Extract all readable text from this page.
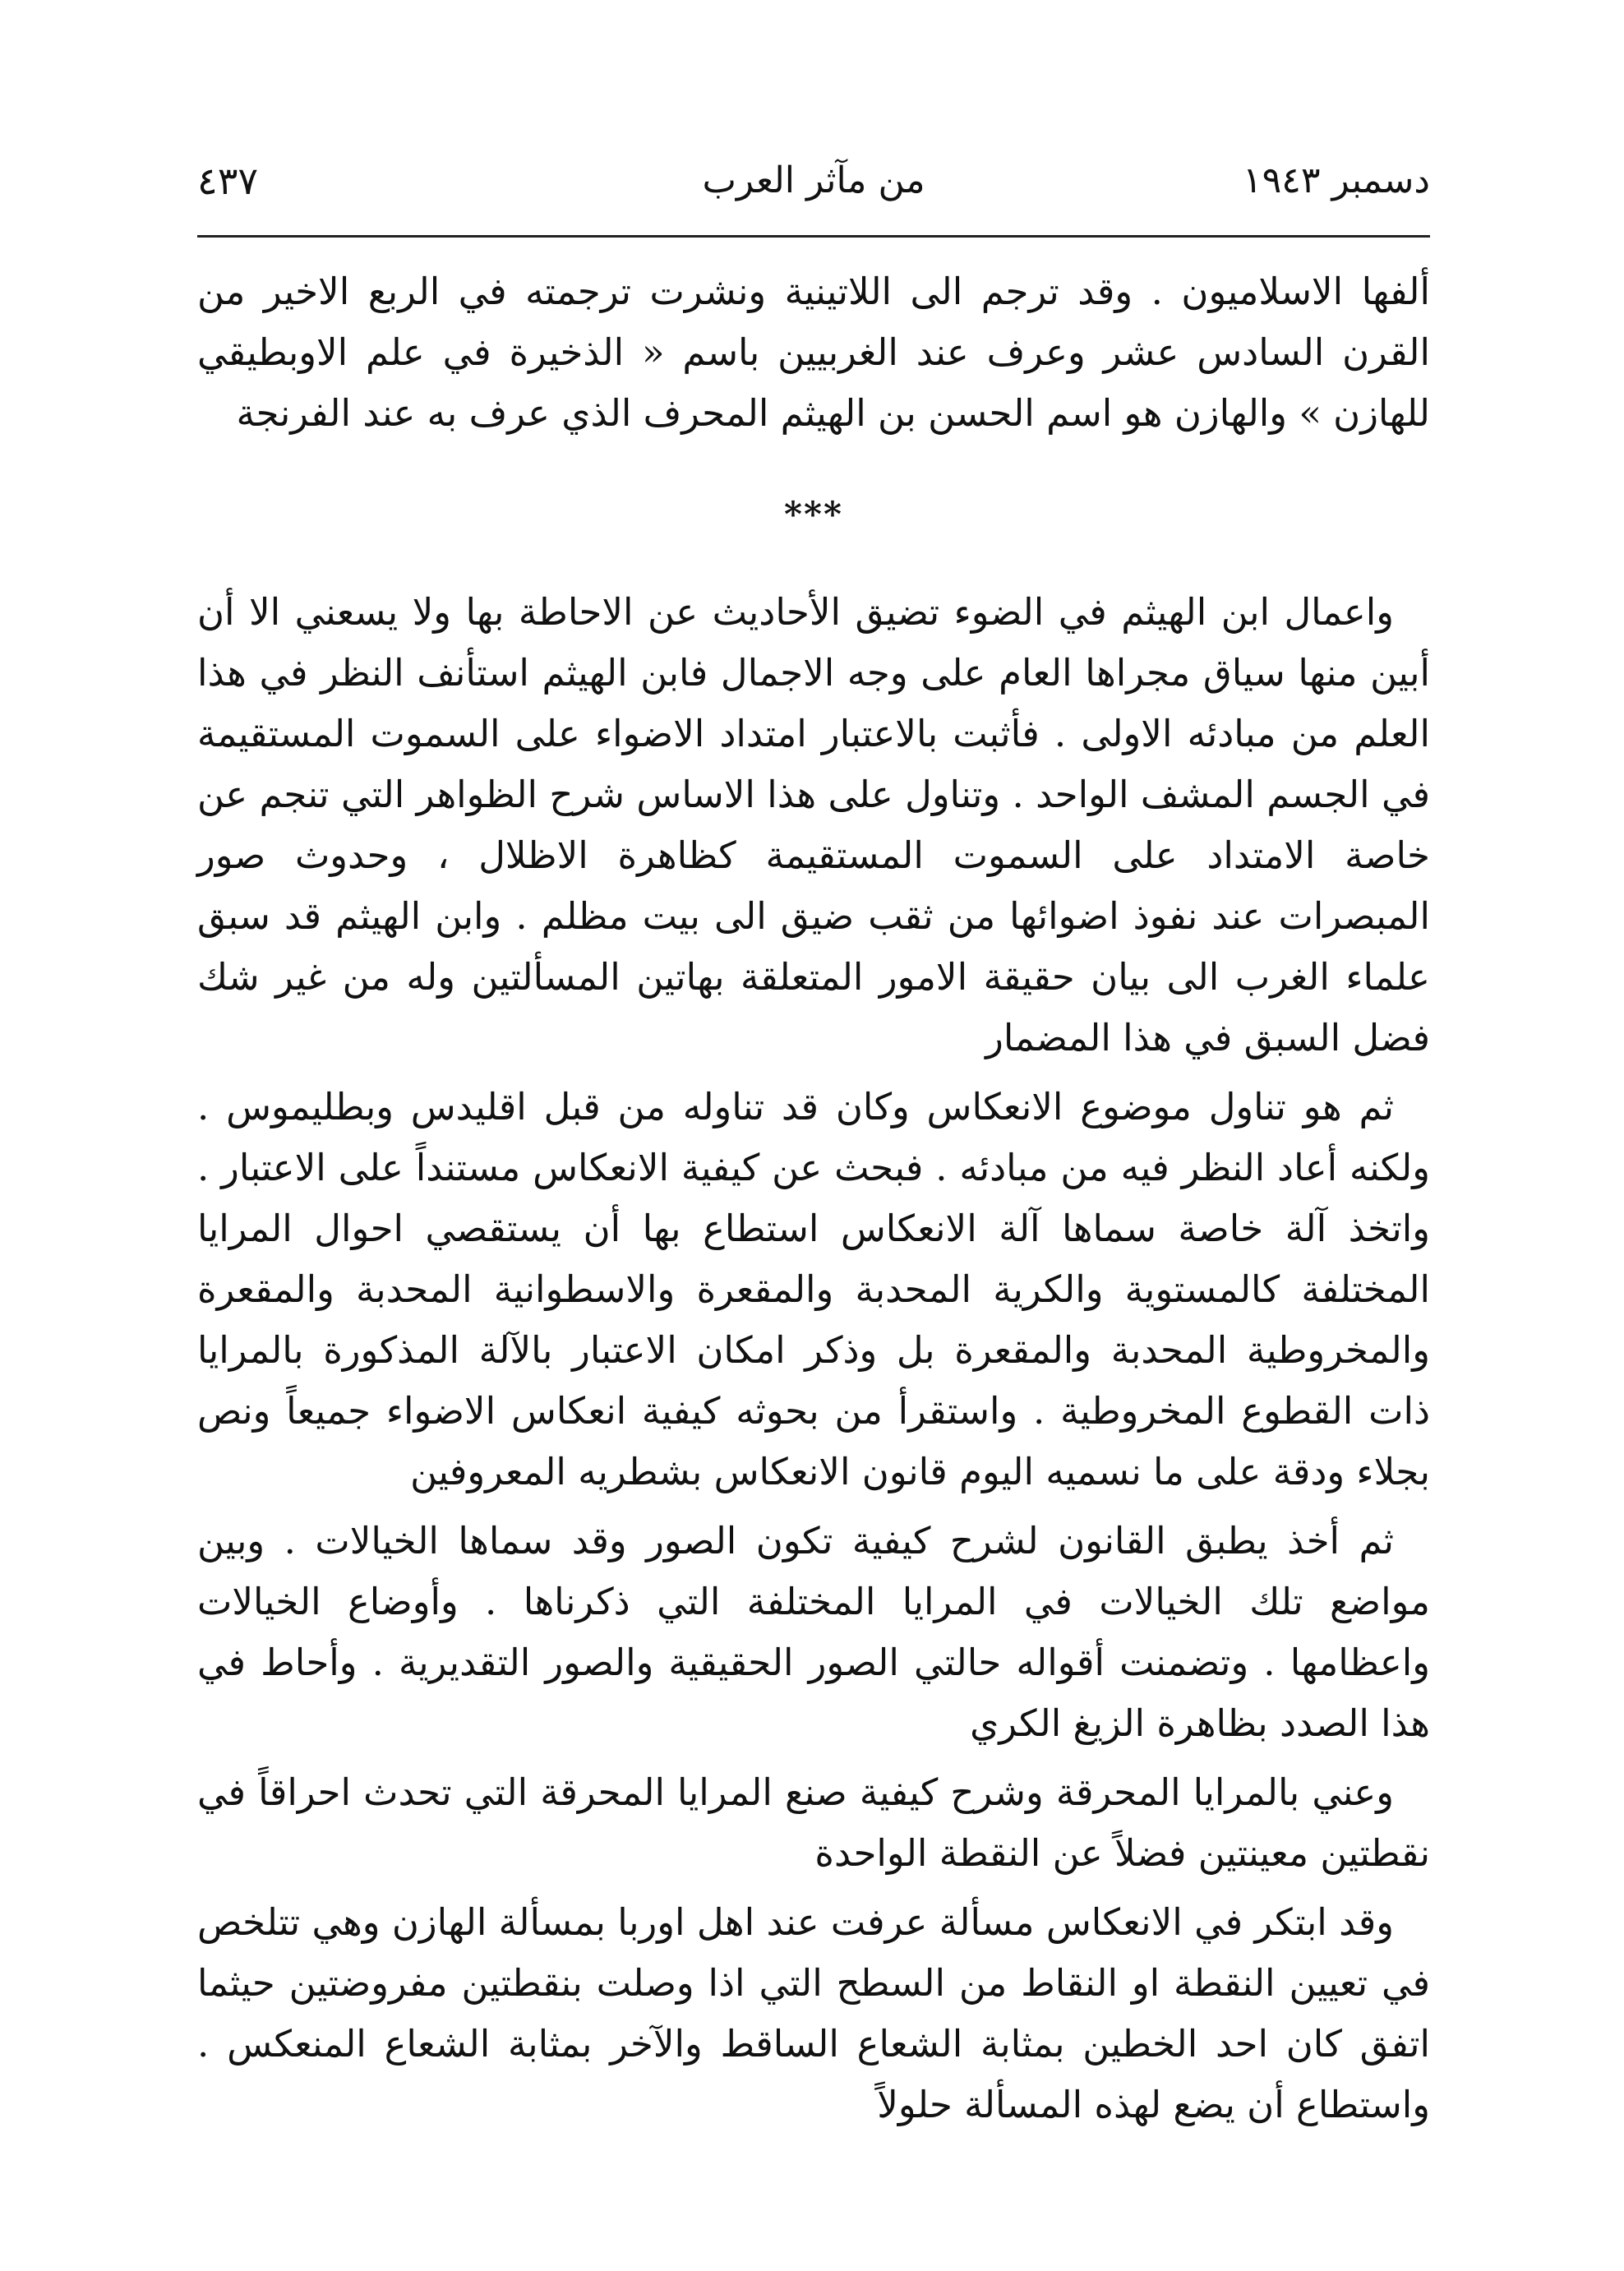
دسمبر ١٩٤٣
من مآثر العرب
٤٣٧

ألفها الاسلاميون . وقد ترجم الى اللاتينية ونشرت ترجمته في الربع الاخير من القرن السادس عشر وعرف عند الغربيين باسم « الذخيرة في علم الاوبطيقي للهازن » والهازن هو اسم الحسن بن الهيثم المحرف الذي عرف به عند الفرنجة

***

واعمال ابن الهيثم في الضوء تضيق الأحاديث عن الاحاطة بها ولا يسعني الا أن أبين منها سياق مجراها العام على وجه الاجمال فابن الهيثم استأنف النظر في هذا العلم من مبادئه الاولى . فأثبت بالاعتبار امتداد الاضواء على السموت المستقيمة في الجسم المشف الواحد . وتناول على هذا الاساس شرح الظواهر التي تنجم عن خاصة الامتداد على السموت المستقيمة كظاهرة الاظلال ، وحدوث صور المبصرات عند نفوذ اضوائها من ثقب ضيق الى بيت مظلم . وابن الهيثم قد سبق علماء الغرب الى بيان حقيقة الامور المتعلقة بهاتين المسألتين وله من غير شك فضل السبق في هذا المضمار

ثم هو تناول موضوع الانعكاس وكان قد تناوله من قبل اقليدس وبطليموس . ولكنه أعاد النظر فيه من مبادئه . فبحث عن كيفية الانعكاس مستنداً على الاعتبار . واتخذ آلة خاصة سماها آلة الانعكاس استطاع بها أن يستقصي احوال المرايا المختلفة كالمستوية والكرية المحدبة والمقعرة والاسطوانية المحدبة والمقعرة والمخروطية المحدبة والمقعرة بل وذكر امكان الاعتبار بالآلة المذكورة بالمرايا ذات القطوع المخروطية . واستقرأ من بحوثه كيفية انعكاس الاضواء جميعاً ونص بجلاء ودقة على ما نسميه اليوم قانون الانعكاس بشطريه المعروفين

ثم أخذ يطبق القانون لشرح كيفية تكون الصور وقد سماها الخيالات . وبين مواضع تلك الخيالات في المرايا المختلفة التي ذكرناها . وأوضاع الخيالات واعظامها . وتضمنت أقواله حالتي الصور الحقيقية والصور التقديرية . وأحاط في هذا الصدد بظاهرة الزيغ الكري

وعني بالمرايا المحرقة وشرح كيفية صنع المرايا المحرقة التي تحدث احراقاً في نقطتين معينتين فضلاً عن النقطة الواحدة

وقد ابتكر في الانعكاس مسألة عرفت عند اهل اوربا بمسألة الهازن وهي تتلخص في تعيين النقطة او النقاط من السطح التي اذا وصلت بنقطتين مفروضتين حيثما اتفق كان احد الخطين بمثابة الشعاع الساقط والآخر بمثابة الشعاع المنعكس . واستطاع أن يضع لهذه المسألة حلولاً
